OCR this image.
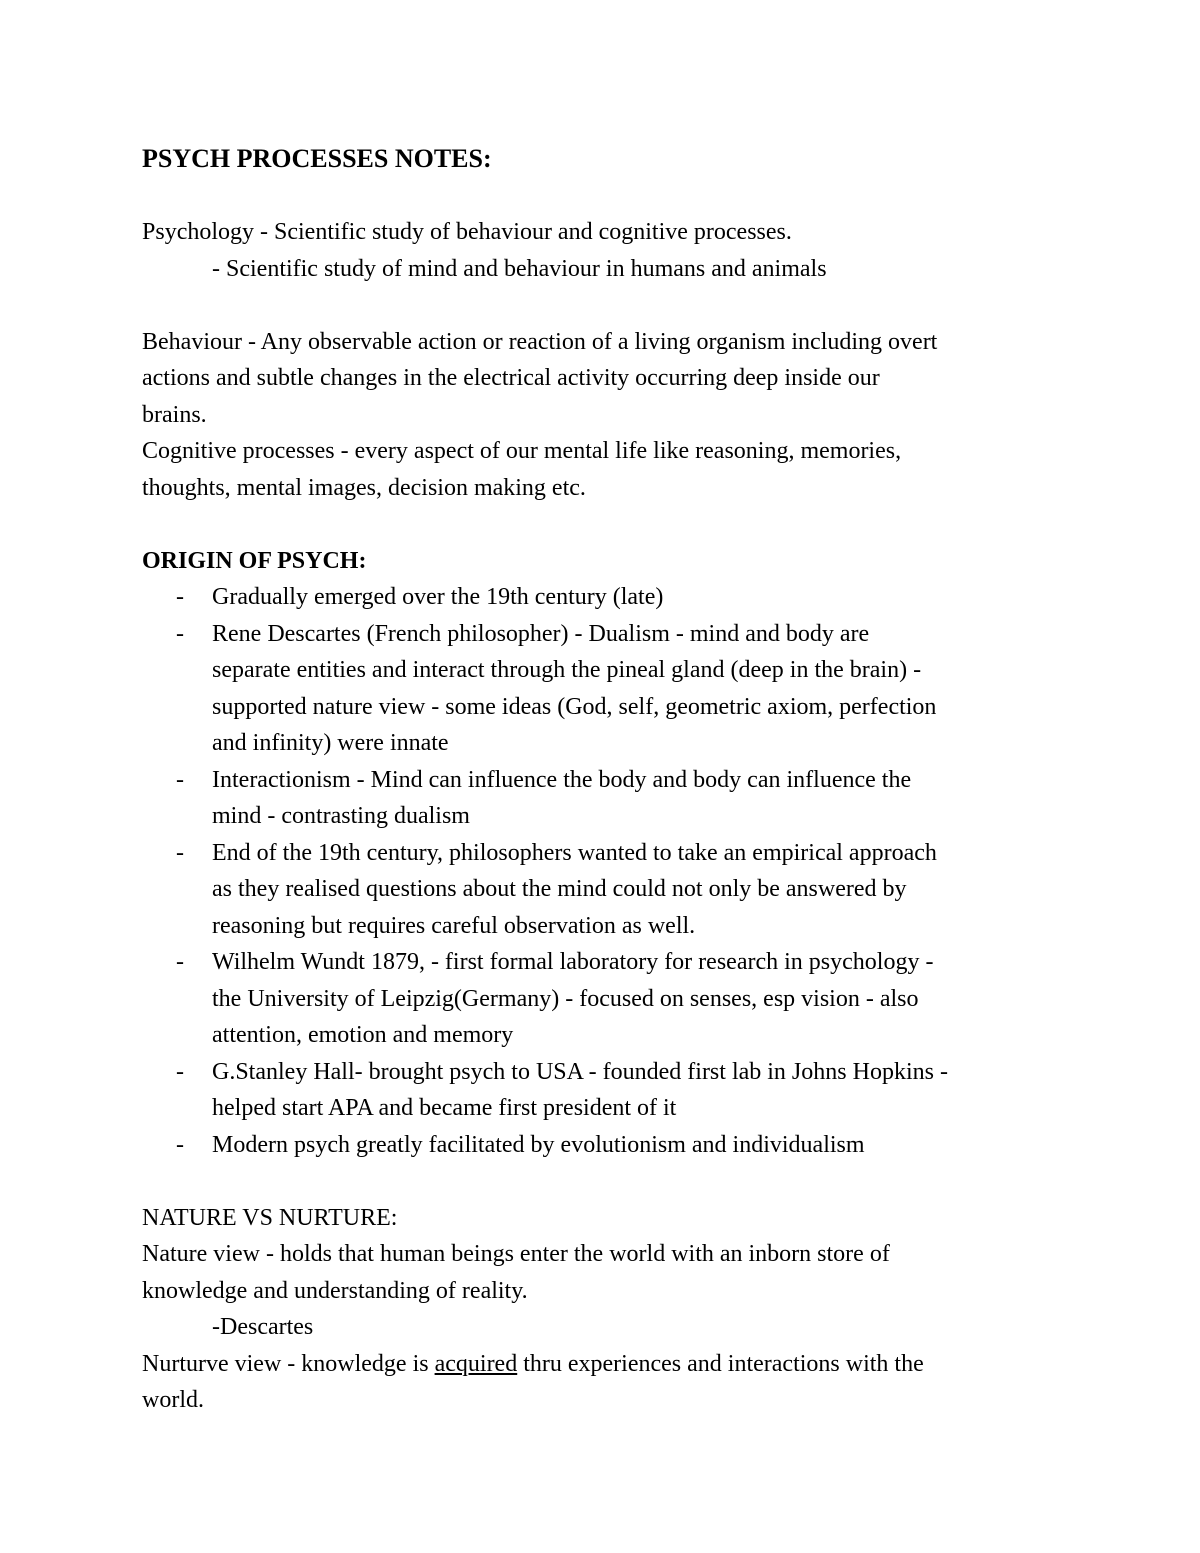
PSYCH PROCESSES NOTES:

Psychology - Scientific study of behaviour and cognitive processes.

- Scientific study of mind and behaviour in humans and animals

Behaviour - Any observable action or reaction of a living organism including overt

actions and subtle changes in the electrical activity occurring deep inside our

brains.

Cognitive processes - every aspect of our mental life like reasoning, memories,

thoughts, mental images, decision making etc.

ORIGIN OF PSYCH:

- Gradually emerged over the 19th century (late)
- Rene Descartes (French philosopher) - Dualism - mind and body are
separate entities and interact through the pineal gland (deep in the brain) -
supported nature view - some ideas (God, self, geometric axiom, perfection
and infinity) were innate
- Interactionism - Mind can influence the body and body can influence the
mind - contrasting dualism
- End of the 19th century, philosophers wanted to take an empirical approach
as they realised questions about the mind could not only be answered by
reasoning but requires careful observation as well.
- Wilhelm Wundt 1879, - first formal laboratory for research in psychology -
the University of Leipzig(Germany) - focused on senses, esp vision - also
attention, emotion and memory
- G.Stanley Hall- brought psych to USA - founded first lab in Johns Hopkins -
helped start APA and became first president of it
- Modern psych greatly facilitated by evolutionism and individualism

NATURE VS NURTURE:

Nature view - holds that human beings enter the world with an inborn store of

knowledge and understanding of reality.

-Descartes

Nurturve view - knowledge is acquired thru experiences and interactions with the

world.
